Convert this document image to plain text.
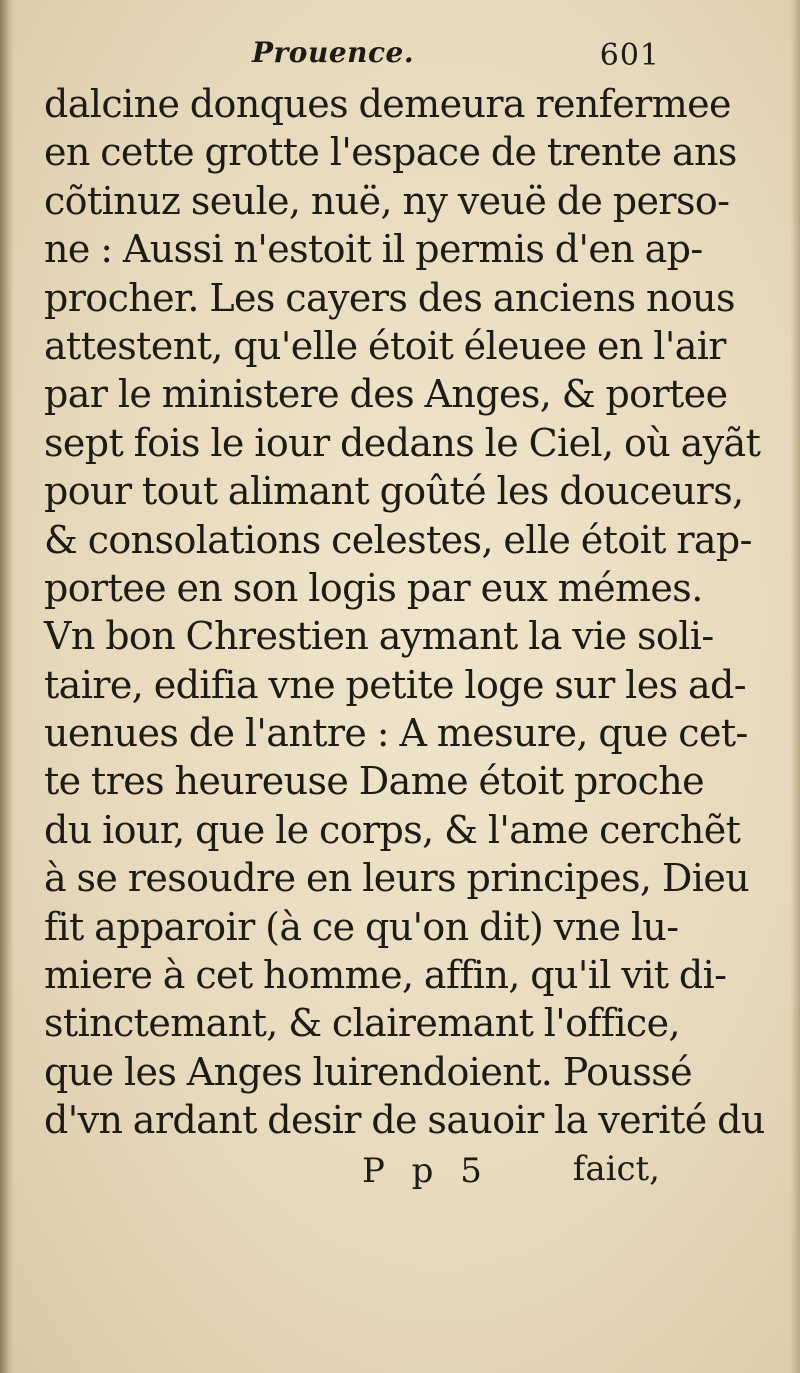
Prouence.	601
dalcine donques demeura renfermee
en cette grotte l'espace de trente ans
cõtinuz seule, nuë, ny veuë de perso-
ne : Aussi n'estoit il permis d'en ap-
procher. Les cayers des anciens nous
attestent, qu'elle étoit éleuee en l'air
par le ministere des Anges, & portee
sept fois le iour dedans le Ciel, où ayãt
pour tout alimant goûté les douceurs,
& consolations celestes, elle étoit rap-
portee en son logis par eux mémes.
Vn bon Chrestien aymant la vie soli-
taire, edifia vne petite loge sur les ad-
uenues de l'antre : A mesure, que cet-
te tres heureuse Dame étoit proche
du iour, que le corps, & l'ame cerchẽt
à se resoudre en leurs principes, Dieu
fit apparoir (à ce qu'on dit) vne lu-
miere à cet homme, affin, qu'il vit di-
stinctemant, & clairemant l'office,
que les Anges luirendoient. Poussé
d'vn ardant desir de sauoir la verité du
P p 5 faict,
